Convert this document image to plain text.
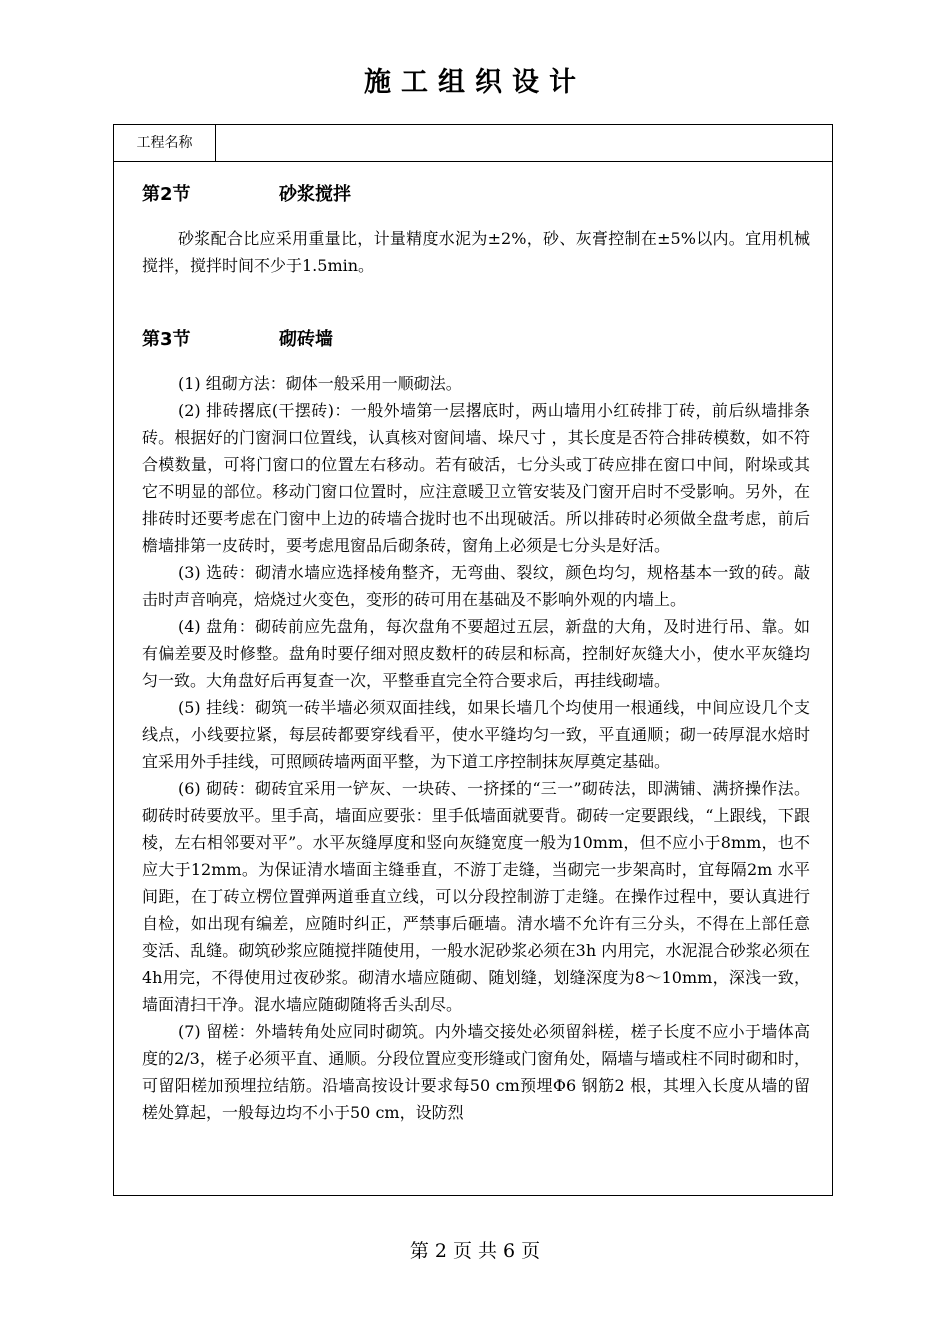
施工组织设计
工程名称
第2节	砂浆搅拌

砂浆配合比应采用重量比，计量精度水泥为±2%，砂、灰膏控制在±5%以内。宜用机械搅拌，搅拌时间不少于1.5min。

第3节	砌砖墙

(1) 组砌方法：砌体一般采用一顺砌法。

(2) 排砖撂底(干摆砖)：一般外墙第一层撂底时，两山墙用小红砖排丁砖，前后纵墙排条砖。根据好的门窗洞口位置线，认真核对窗间墙、垛尺寸 ，其长度是否符合排砖模数，如不符合模数量，可将门窗口的位置左右移动。若有破活，七分头或丁砖应排在窗口中间，附垛或其它不明显的部位。移动门窗口位置时，应注意暖卫立管安装及门窗开启时不受影响。另外，在排砖时还要考虑在门窗中上边的砖墙合拢时也不出现破活。所以排砖时必须做全盘考虑，前后檐墙排第一皮砖时，要考虑甩窗品后砌条砖，窗角上必须是七分头是好活。

(3) 选砖：砌清水墙应选择棱角整齐，无弯曲、裂纹，颜色均匀，规格基本一致的砖。敲击时声音响亮，焙烧过火变色，变形的砖可用在基础及不影响外观的内墙上。

(4) 盘角：砌砖前应先盘角，每次盘角不要超过五层，新盘的大角，及时进行吊、靠。如有偏差要及时修整。盘角时要仔细对照皮数杆的砖层和标高，控制好灰缝大小，使水平灰缝均匀一致。大角盘好后再复查一次，平整垂直完全符合要求后，再挂线砌墙。

(5) 挂线：砌筑一砖半墙必须双面挂线，如果长墙几个均使用一根通线，中间应设几个支线点，小线要拉紧，每层砖都要穿线看平，使水平缝均匀一致，平直通顺；砌一砖厚混水焙时宜采用外手挂线，可照顾砖墙两面平整，为下道工序控制抹灰厚奠定基础。

(6) 砌砖：砌砖宜采用一铲灰、一块砖、一挤揉的“三一”砌砖法，即满铺、满挤操作法。砌砖时砖要放平。里手高，墙面应要张：里手低墙面就要背。砌砖一定要跟线，“上跟线，下跟棱，左右相邻要对平”。水平灰缝厚度和竖向灰缝宽度一般为10mm，但不应小于8mm，也不应大于12mm。为保证清水墙面主缝垂直，不游丁走缝，当砌完一步架高时，宜每隔2m 水平间距，在丁砖立楞位置弹两道垂直立线，可以分段控制游丁走缝。在操作过程中，要认真进行自检，如出现有编差，应随时纠正，严禁事后砸墙。清水墙不允许有三分头，不得在上部任意变活、乱缝。砌筑砂浆应随搅拌随使用，一般水泥砂浆必须在3h 内用完，水泥混合砂浆必须在4h用完，不得使用过夜砂浆。砌清水墙应随砌、随划缝，划缝深度为8～10mm，深浅一致，墙面清扫干净。混水墙应随砌随将舌头刮尽。

(7) 留槎：外墙转角处应同时砌筑。内外墙交接处必须留斜槎，槎子长度不应小于墙体高度的2/3，槎子必须平直、通顺。分段位置应变形缝或门窗角处，隔墙与墙或柱不同时砌和时，可留阳槎加预埋拉结筋。沿墙高按设计要求每50 cm预埋Φ6 钢筋2 根，其埋入长度从墙的留槎处算起，一般每边均不小于50 cm，设防烈

第 2 页 共 6 页
